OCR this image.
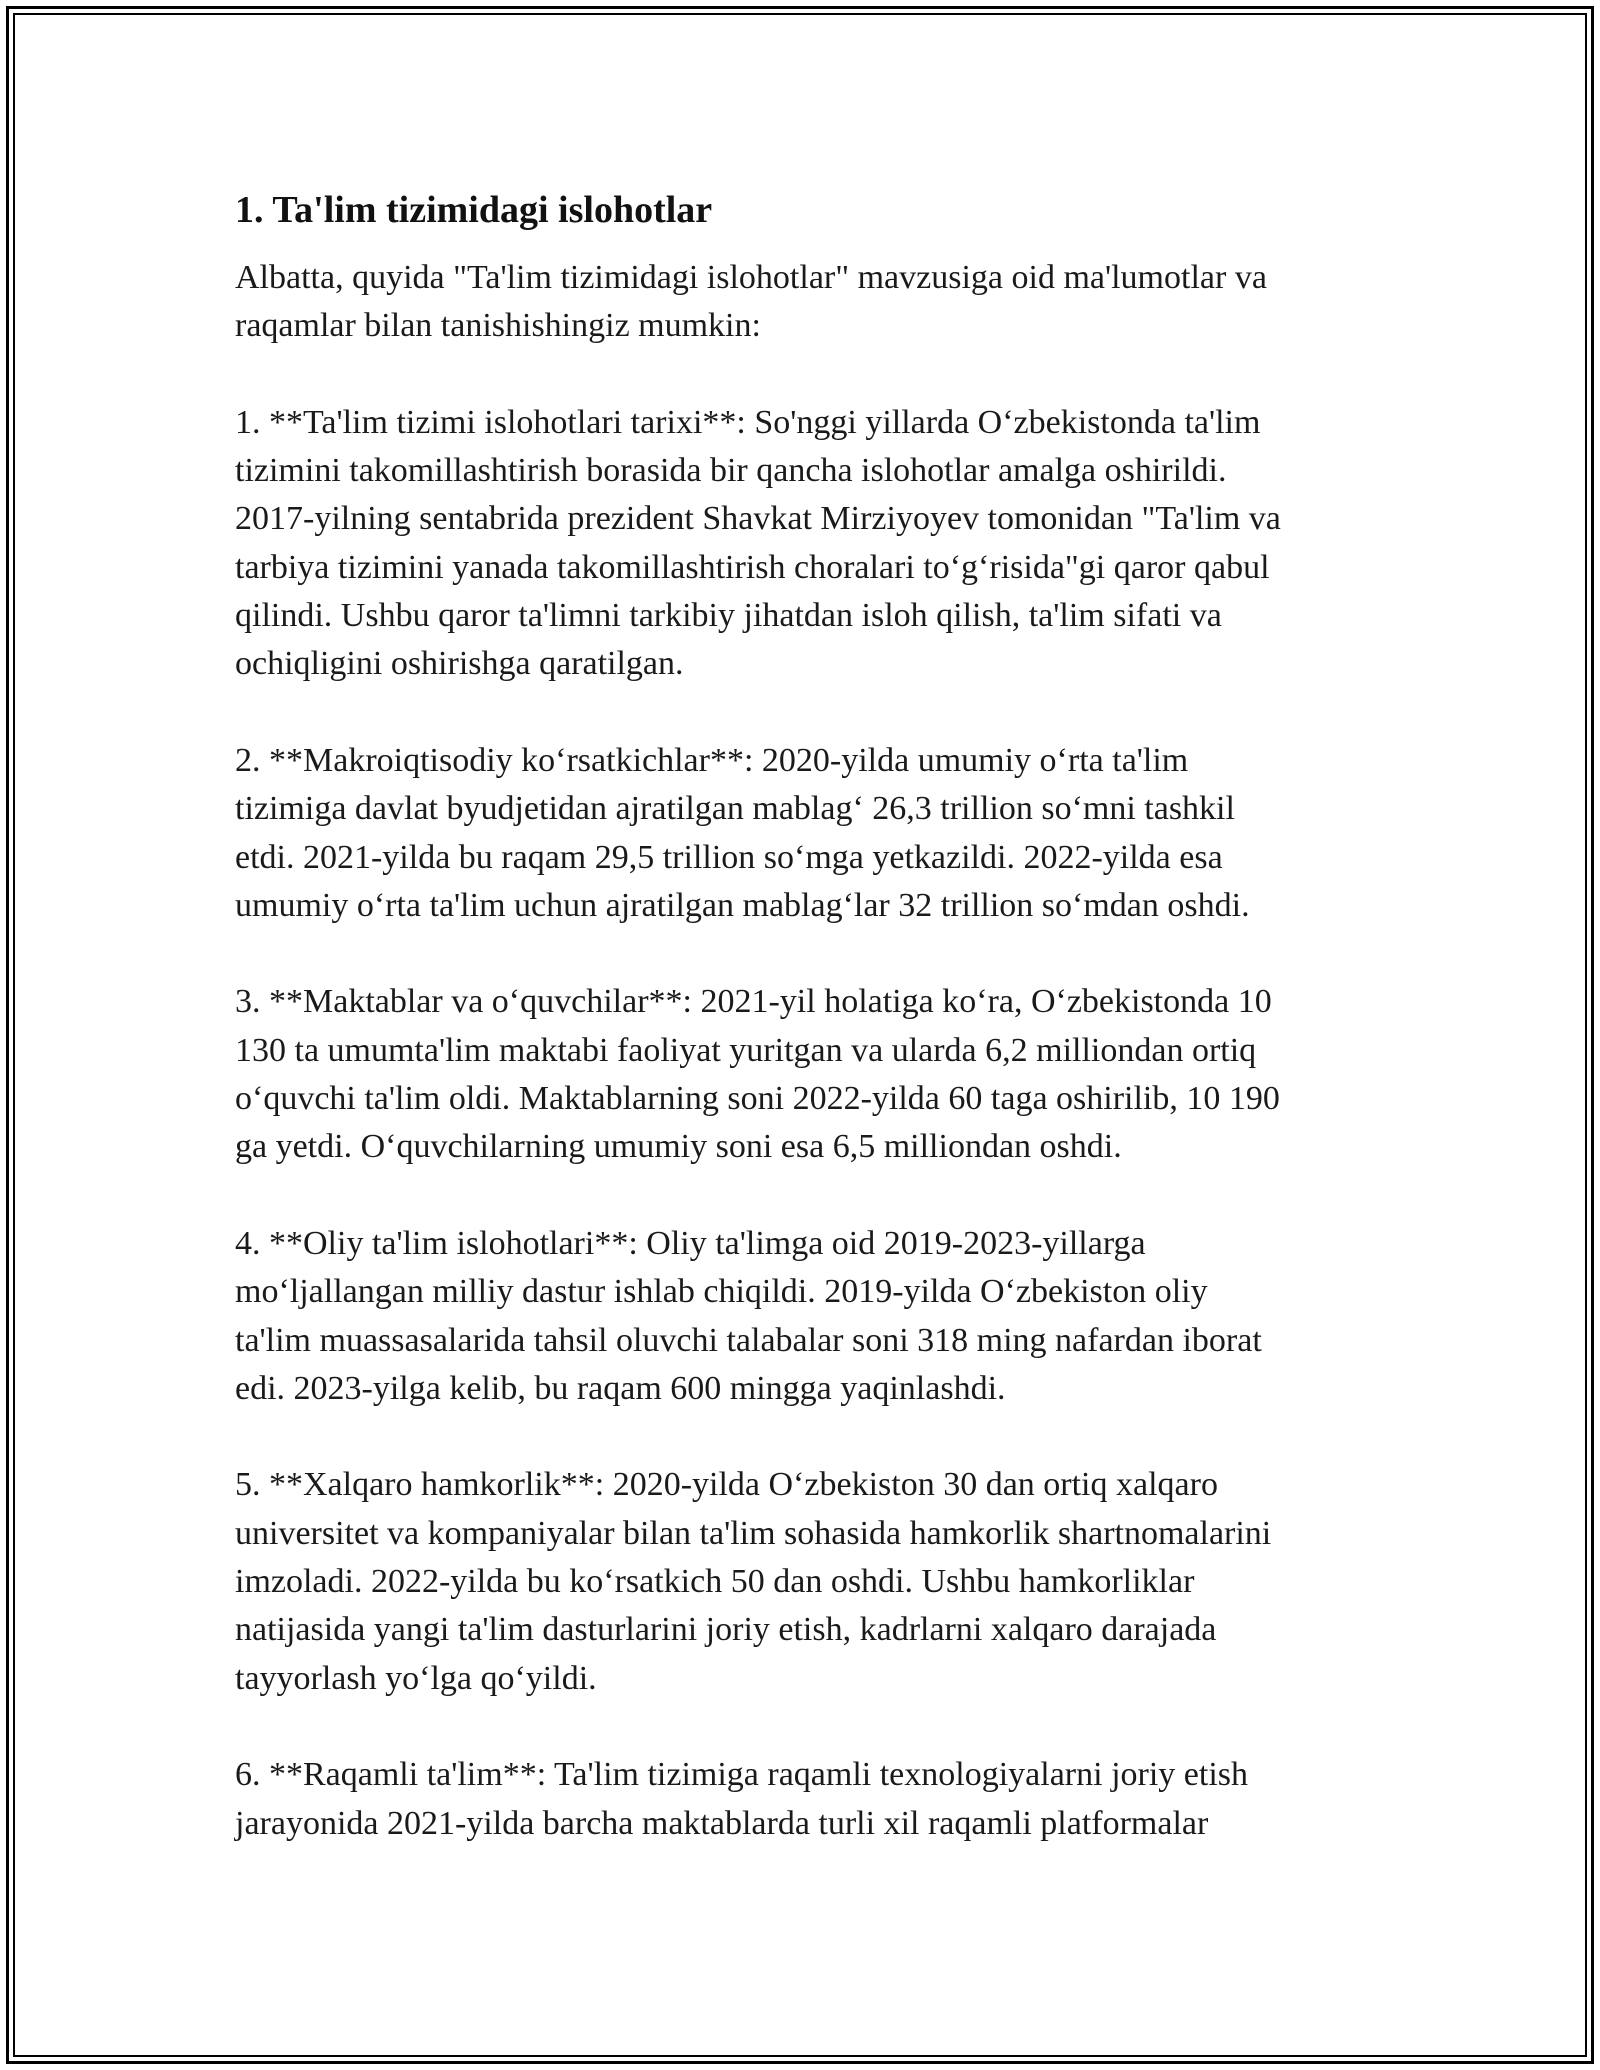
1. Ta'lim tizimidagi islohotlar

Albatta, quyida "Ta'lim tizimidagi islohotlar" mavzusiga oid ma'lumotlar va
raqamlar bilan tanishishingiz mumkin:

1. **Ta'lim tizimi islohotlari tarixi**: So'nggi yillarda O‘zbekistonda ta'lim
tizimini takomillashtirish borasida bir qancha islohotlar amalga oshirildi.
2017-yilning sentabrida prezident Shavkat Mirziyoyev tomonidan "Ta'lim va
tarbiya tizimini yanada takomillashtirish choralari to‘g‘risida"gi qaror qabul
qilindi. Ushbu qaror ta'limni tarkibiy jihatdan isloh qilish, ta'lim sifati va
ochiqligini oshirishga qaratilgan.

2. **Makroiqtisodiy ko‘rsatkichlar**: 2020-yilda umumiy o‘rta ta'lim
tizimiga davlat byudjetidan ajratilgan mablag‘ 26,3 trillion so‘mni tashkil
etdi. 2021-yilda bu raqam 29,5 trillion so‘mga yetkazildi. 2022-yilda esa
umumiy o‘rta ta'lim uchun ajratilgan mablag‘lar 32 trillion so‘mdan oshdi.

3. **Maktablar va o‘quvchilar**: 2021-yil holatiga ko‘ra, O‘zbekistonda 10
130 ta umumta'lim maktabi faoliyat yuritgan va ularda 6,2 milliondan ortiq
o‘quvchi ta'lim oldi. Maktablarning soni 2022-yilda 60 taga oshirilib, 10 190
ga yetdi. O‘quvchilarning umumiy soni esa 6,5 milliondan oshdi.

4. **Oliy ta'lim islohotlari**: Oliy ta'limga oid 2019-2023-yillarga
mo‘ljallangan milliy dastur ishlab chiqildi. 2019-yilda O‘zbekiston oliy
ta'lim muassasalarida tahsil oluvchi talabalar soni 318 ming nafardan iborat
edi. 2023-yilga kelib, bu raqam 600 mingga yaqinlashdi.

5. **Xalqaro hamkorlik**: 2020-yilda O‘zbekiston 30 dan ortiq xalqaro
universitet va kompaniyalar bilan ta'lim sohasida hamkorlik shartnomalarini
imzoladi. 2022-yilda bu ko‘rsatkich 50 dan oshdi. Ushbu hamkorliklar
natijasida yangi ta'lim dasturlarini joriy etish, kadrlarni xalqaro darajada
tayyorlash yo‘lga qo‘yildi.

6. **Raqamli ta'lim**: Ta'lim tizimiga raqamli texnologiyalarni joriy etish
jarayonida 2021-yilda barcha maktablarda turli xil raqamli platformalar
